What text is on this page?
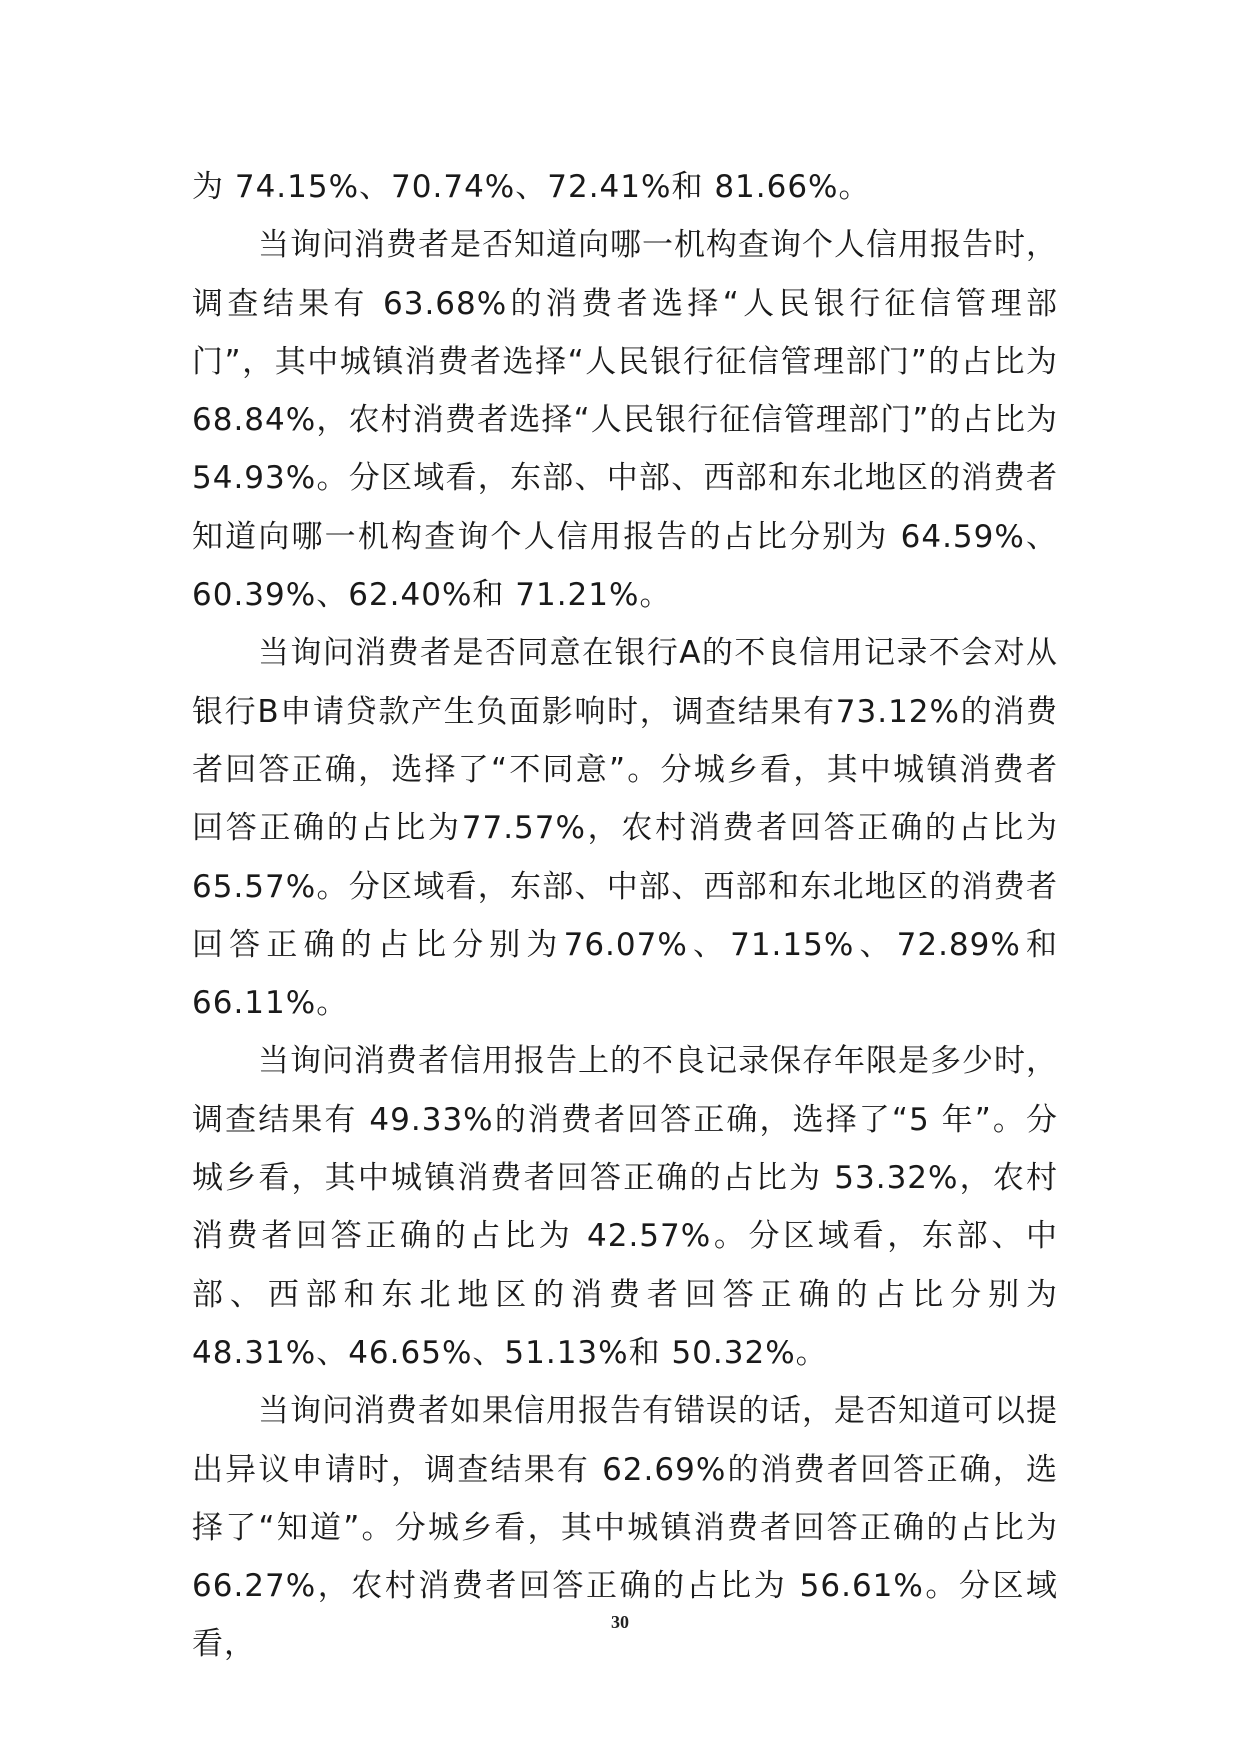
为 74.15%、70.74%、72.41%和 81.66%。

当询问消费者是否知道向哪一机构查询个人信用报告时，调查结果有 63.68%的消费者选择“人民银行征信管理部门”，其中城镇消费者选择“人民银行征信管理部门”的占比为 68.84%，农村消费者选择“人民银行征信管理部门”的占比为 54.93%。分区域看，东部、中部、西部和东北地区的消费者知道向哪一机构查询个人信用报告的占比分别为 64.59%、60.39%、62.40%和 71.21%。

当询问消费者是否同意在银行A的不良信用记录不会对从银行B申请贷款产生负面影响时，调查结果有73.12%的消费者回答正确，选择了“不同意”。分城乡看，其中城镇消费者回答正确的占比为77.57%，农村消费者回答正确的占比为65.57%。分区域看，东部、中部、西部和东北地区的消费者回答正确的占比分别为76.07%、71.15%、72.89%和66.11%。

当询问消费者信用报告上的不良记录保存年限是多少时，调查结果有 49.33%的消费者回答正确，选择了“5 年”。分城乡看，其中城镇消费者回答正确的占比为 53.32%，农村消费者回答正确的占比为 42.57%。分区域看，东部、中部、西部和东北地区的消费者回答正确的占比分别为 48.31%、46.65%、51.13%和 50.32%。

当询问消费者如果信用报告有错误的话，是否知道可以提出异议申请时，调查结果有 62.69%的消费者回答正确，选择了“知道”。分城乡看，其中城镇消费者回答正确的占比为 66.27%，农村消费者回答正确的占比为 56.61%。分区域看，

30
